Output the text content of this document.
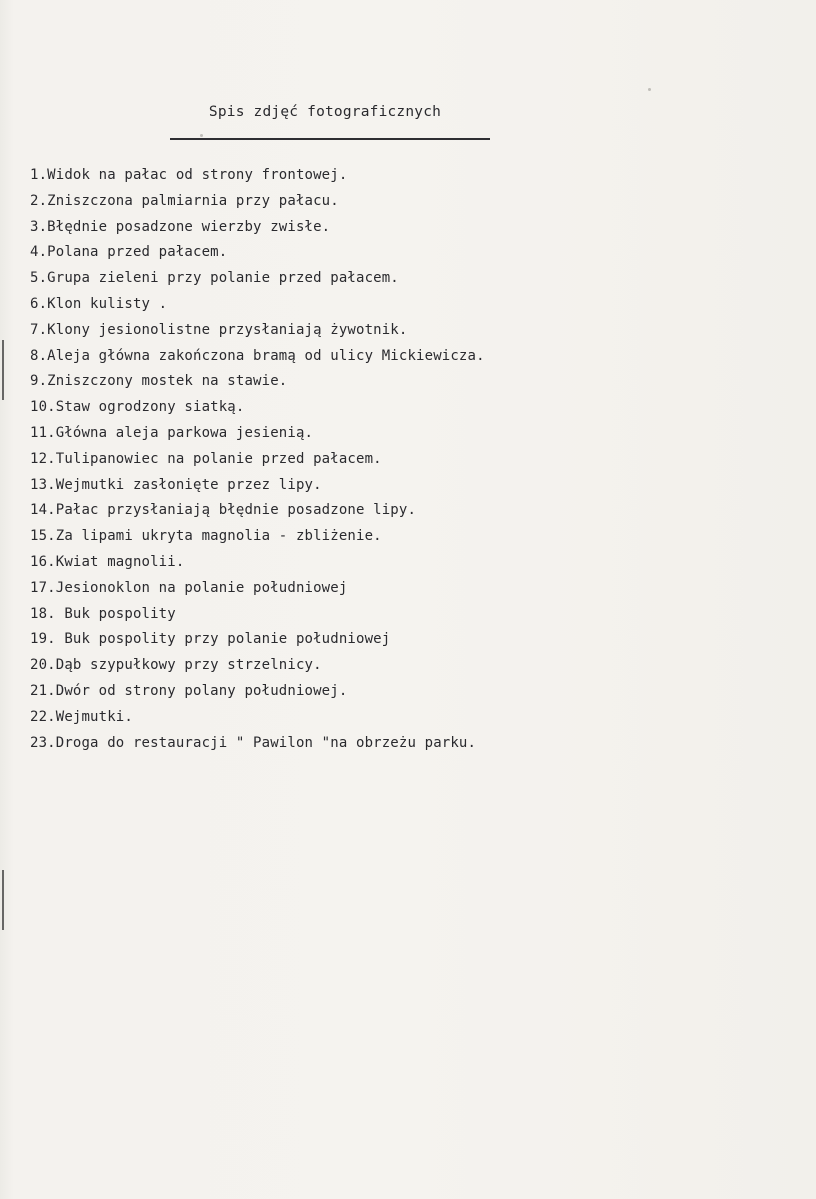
Spis zdjęć fotograficznych
1.Widok na pałac od strony frontowej.
2.Zniszczona palmiarnia przy pałacu.
3.Błędnie posadzone wierzby zwisłe.
4.Polana przed pałacem.
5.Grupa zieleni przy polanie przed pałacem.
6.Klon kulisty .
7.Klony jesionolistne przysłaniają żywotnik.
8.Aleja główna zakończona bramą od ulicy Mickiewicza.
9.Zniszczony mostek na stawie.
10.Staw ogrodzony siatką.
11.Główna aleja parkowa jesienią.
12.Tulipanowiec na polanie przed pałacem.
13.Wejmutki zasłonięte przez lipy.
14.Pałac przysłaniają błędnie posadzone lipy.
15.Za lipami ukryta magnolia - zbliżenie.
16.Kwiat magnolii.
17.Jesionoklon na polanie południowej
18. Buk pospolity
19. Buk pospolity przy polanie południowej
20.Dąb szypułkowy przy strzelnicy.
21.Dwór od strony polany południowej.
22.Wejmutki.
23.Droga do restauracji " Pawilon "na obrzeżu parku.
